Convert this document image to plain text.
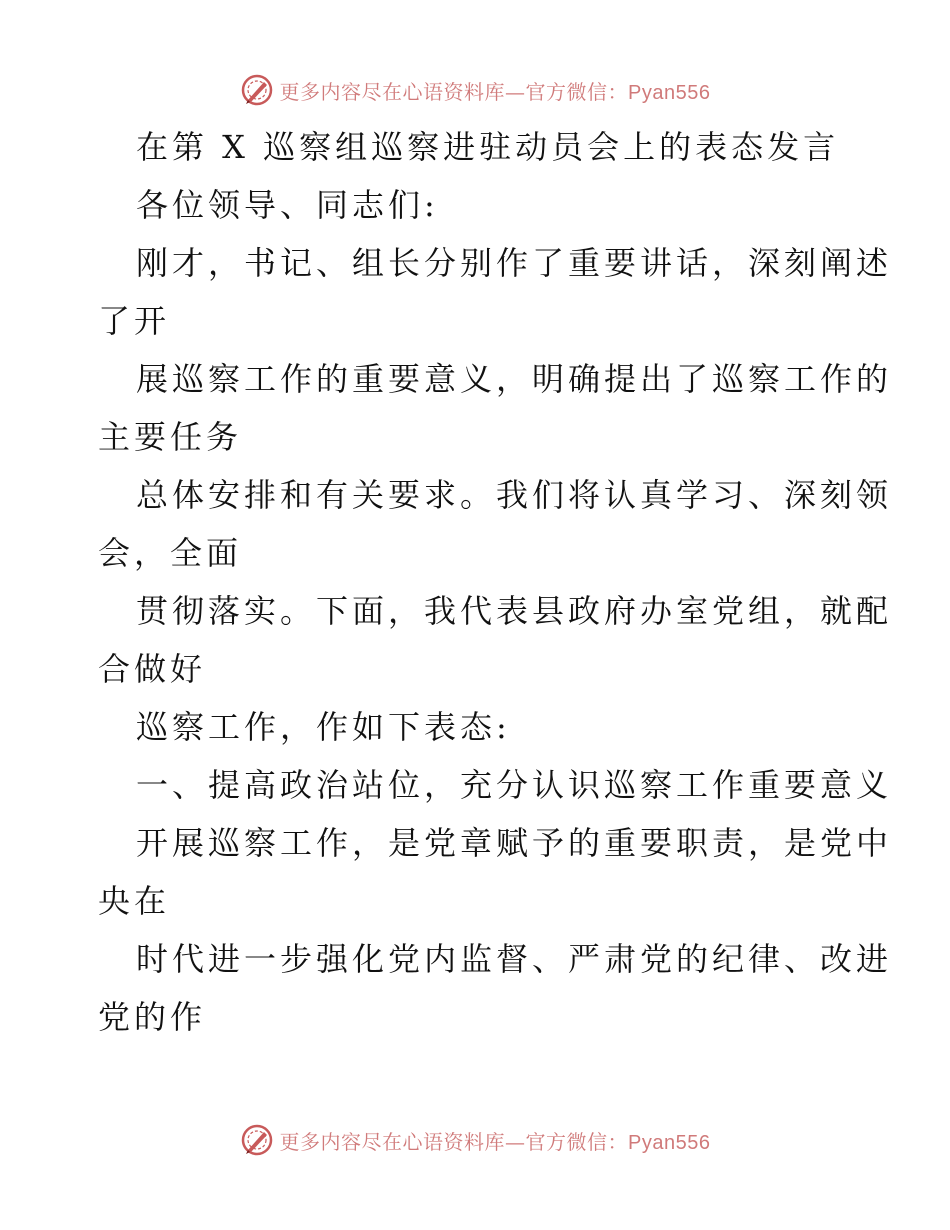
更多内容尽在心语资料库—官方微信：Pyan556

在第 X 巡察组巡察进驻动员会上的表态发言

各位领导、同志们:

刚才，书记、组长分别作了重要讲话，深刻阐述

了开

展巡察工作的重要意义，明确提出了巡察工作的

主要任务

总体安排和有关要求。我们将认真学习、深刻领

会，全面

贯彻落实。下面，我代表县政府办室党组，就配

合做好

巡察工作，作如下表态:

一、提高政治站位，充分认识巡察工作重要意义

开展巡察工作，是党章赋予的重要职责，是党中

央在

时代进一步强化党内监督、严肃党的纪律、改进

党的作

更多内容尽在心语资料库—官方微信：Pyan556
